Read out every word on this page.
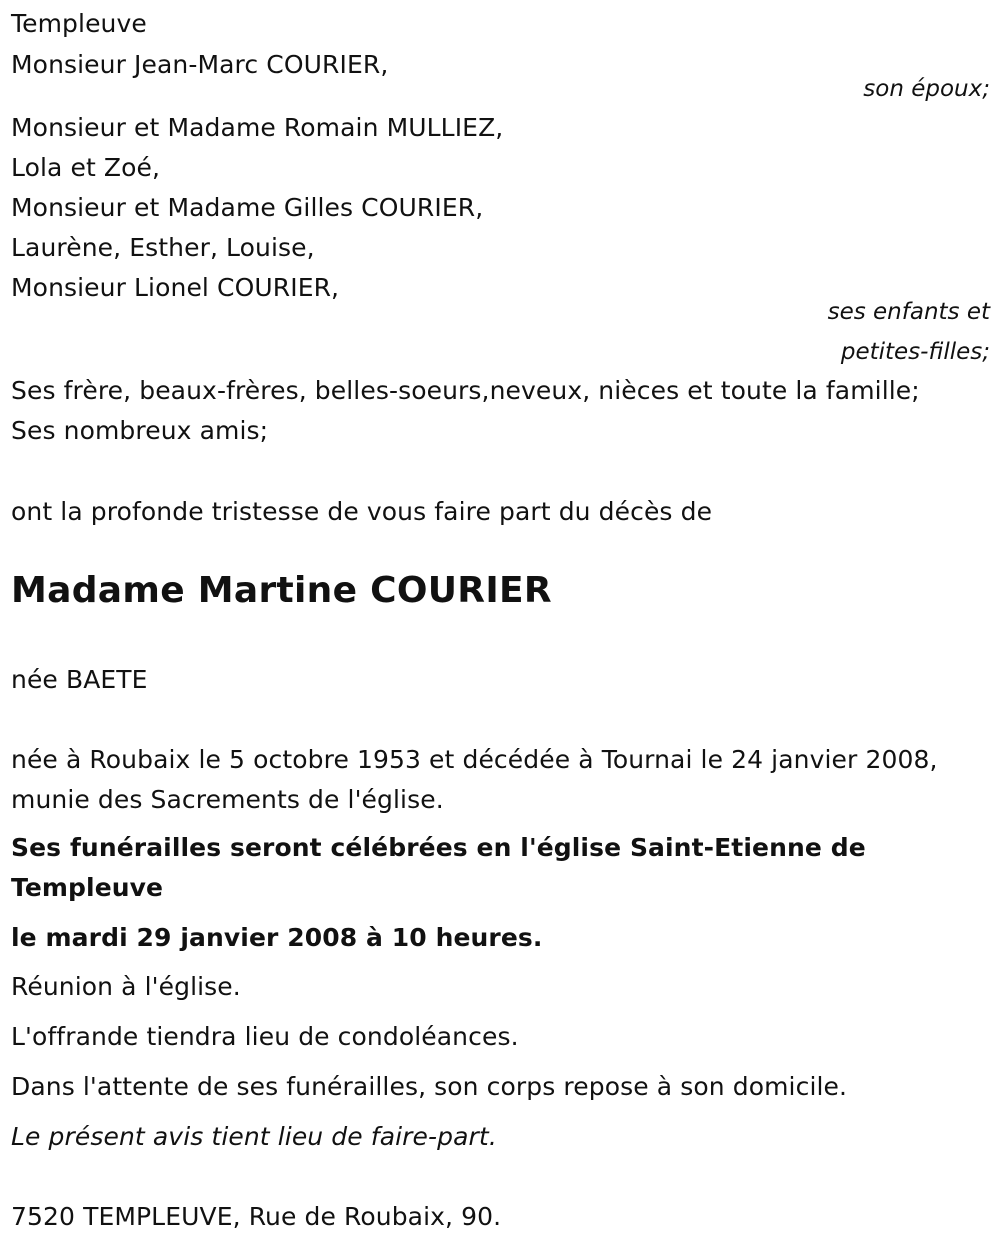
Templeuve
Monsieur Jean-Marc COURIER,
son époux;
Monsieur et Madame Romain MULLIEZ,
Lola et Zoé,
Monsieur et Madame Gilles COURIER,
Laurène, Esther, Louise,
Monsieur Lionel COURIER,
ses enfants et
petites-filles;
Ses frère, beaux-frères, belles-soeurs,neveux, nièces et toute la famille;
Ses nombreux amis;
ont la profonde tristesse de vous faire part du décès de
Madame Martine COURIER
née BAETE
née à Roubaix le 5 octobre 1953 et décédée à Tournai le 24 janvier 2008,
munie des Sacrements de l'église.
Ses funérailles seront célébrées en l'église Saint-Etienne de
Templeuve
le mardi 29 janvier 2008 à 10 heures.
Réunion à l'église.
L'offrande tiendra lieu de condoléances.
Dans l'attente de ses funérailles, son corps repose à son domicile.
Le présent avis tient lieu de faire-part.
7520 TEMPLEUVE, Rue de Roubaix, 90.
